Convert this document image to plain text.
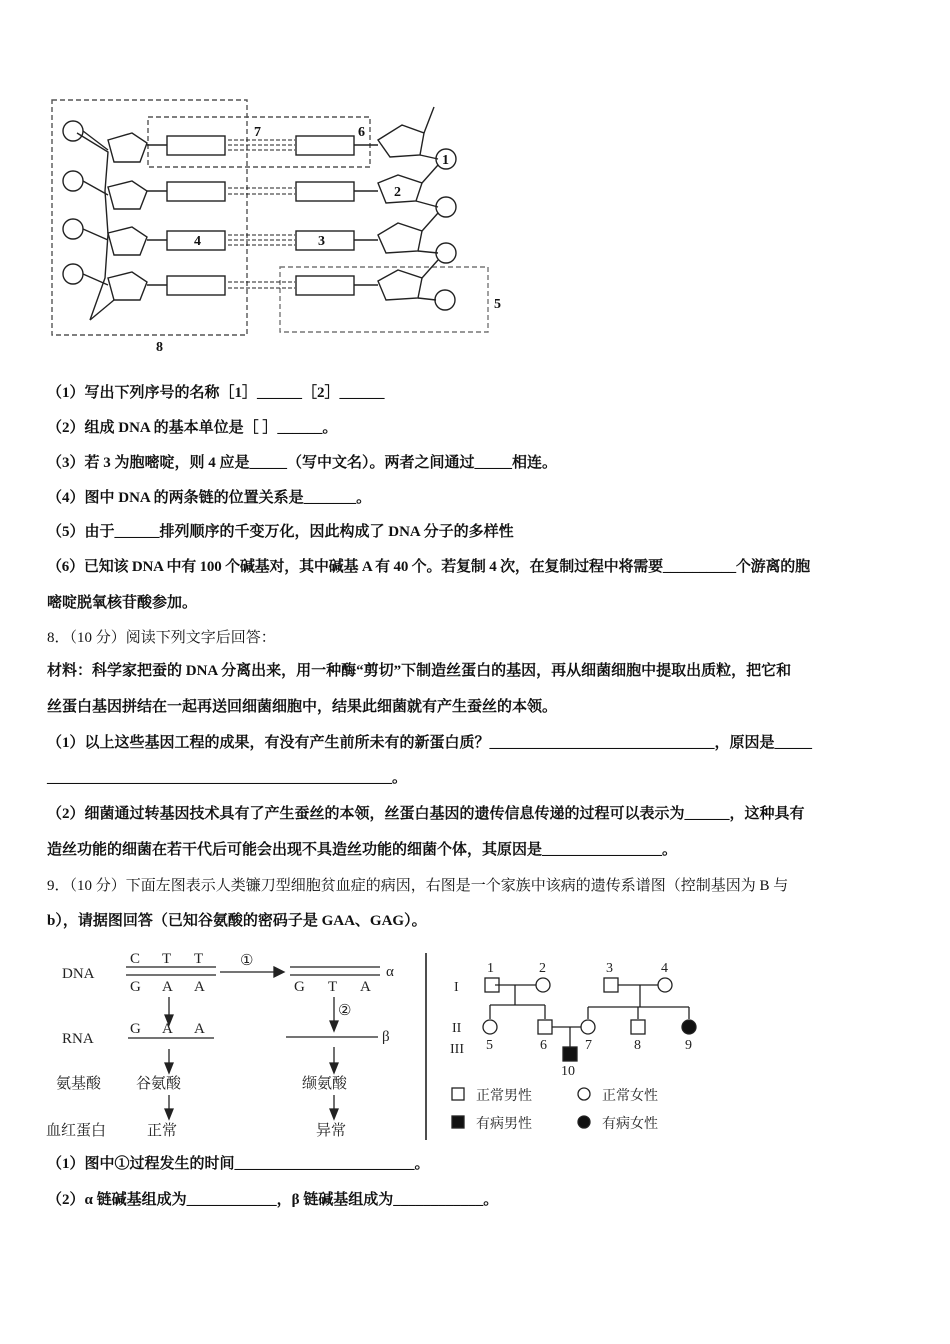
1
2
3
4
5
6
7
8
（1）写出下列序号的名称［1］______［2］______
（2）组成 DNA 的基本单位是［ ］______。
（3）若 3 为胞嘧啶，则 4 应是_____（写中文名）。两者之间通过_____相连。
（4）图中 DNA 的两条链的位置关系是_______。
（5）由于______排列顺序的千变万化，因此构成了 DNA 分子的多样性
（6）已知该 DNA 中有 100 个碱基对，其中碱基 A 有 40 个。若复制 4 次，在复制过程中将需要__________个游离的胞
嘧啶脱氧核苷酸参加。
8．（10 分）阅读下列文字后回答：
材料：科学家把蚕的 DNA 分离出来，用一种酶“剪切”下制造丝蛋白的基因，再从细菌细胞中提取出质粒，把它和
丝蛋白基因拼结在一起再送回细菌细胞中，结果此细菌就有产生蚕丝的本领。
（1）以上这些基因工程的成果，有没有产生前所未有的新蛋白质？______________________________，原因是_____
______________________________________________。
（2）细菌通过转基因技术具有了产生蚕丝的本领，丝蛋白基因的遗传信息传递的过程可以表示为______，这种具有
造丝功能的细菌在若干代后可能会出现不具造丝功能的细菌个体，其原因是________________。
9．（10 分）下面左图表示人类镰刀型细胞贫血症的病因，右图是一个家族中该病的遗传系谱图（控制基因为 B 与
b），请据图回答（已知谷氨酸的密码子是 GAA、GAG）。
DNA
RNA
氨基酸
血红蛋白
C T T
G A A
G A A
G T A
①
②
α
β
谷氨酸	缬氨酸
正常	异常
I
II
III
1	2	3	4
5	6	7	8	9
10
正常男性	正常女性
有病男性	有病女性
（1）图中①过程发生的时间________________________。
（2）α 链碱基组成为____________，β 链碱基组成为____________。
